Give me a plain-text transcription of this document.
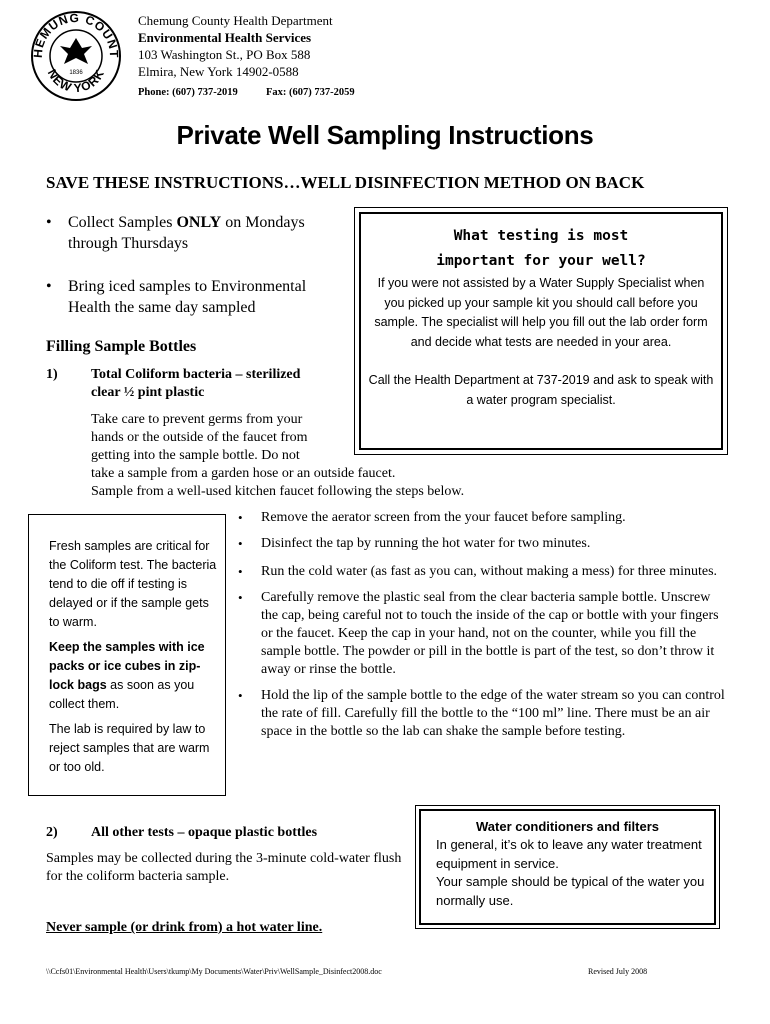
HEMUNG COUNT
NEW YORK
1836
Chemung County Health Department
Environmental Health Services
103 Washington St., PO Box 588
Elmira, New York 14902-0588
Phone: (607) 737-2019	Fax: (607) 737-2059
Private Well Sampling Instructions
SAVE THESE INSTRUCTIONS…WELL DISINFECTION METHOD ON BACK
• Collect Samples ONLY on Mondays through Thursdays
• Bring iced samples to Environmental Health the same day sampled
What testing is most
important for your well?
If you were not assisted by a Water Supply Specialist when you picked up your sample kit you should call before you sample. The specialist will help you fill out the lab order form and decide what tests are needed in your area.
Call the Health Department at 737-2019 and ask to speak with a water program specialist.
Filling Sample Bottles
1) Total Coliform bacteria – sterilized
clear ½ pint plastic
Take care to prevent germs from your
hands or the outside of the faucet from
getting into the sample bottle. Do not
take a sample from a garden hose or an outside faucet.
Sample from a well-used kitchen faucet following the steps below.
Fresh samples are critical for the Coliform test. The bacteria tend to die off if testing is delayed or if the sample gets to warm.
Keep the samples with ice packs or ice cubes in zip-lock bags as soon as you collect them.
The lab is required by law to reject samples that are warm or too old.
• Remove the aerator screen from the your faucet before sampling.
• Disinfect the tap by running the hot water for two minutes.
• Run the cold water (as fast as you can, without making a mess) for three minutes.
• Carefully remove the plastic seal from the clear bacteria sample bottle. Unscrew the cap, being careful not to touch the inside of the cap or bottle with your fingers or the faucet. Keep the cap in your hand, not on the counter, while you fill the sample bottle. The powder or pill in the bottle is part of the test, so don’t throw it away or rinse the bottle.
• Hold the lip of the sample bottle to the edge of the water stream so you can control the rate of fill. Carefully fill the bottle to the “100 ml” line. There must be an air space in the bottle so the lab can shake the sample before testing.
2) All other tests – opaque plastic bottles
Samples may be collected during the 3-minute cold-water flush for the coliform bacteria sample.
Never sample (or drink from) a hot water line.
Water conditioners and filters
In general, it’s ok to leave any water treatment equipment in service.
Your sample should be typical of the water you normally use.
\\Ccfs01\Environmental Health\Users\tkump\My Documents\Water\Priv\WellSample_Disinfect2008.doc	Revised July 2008
